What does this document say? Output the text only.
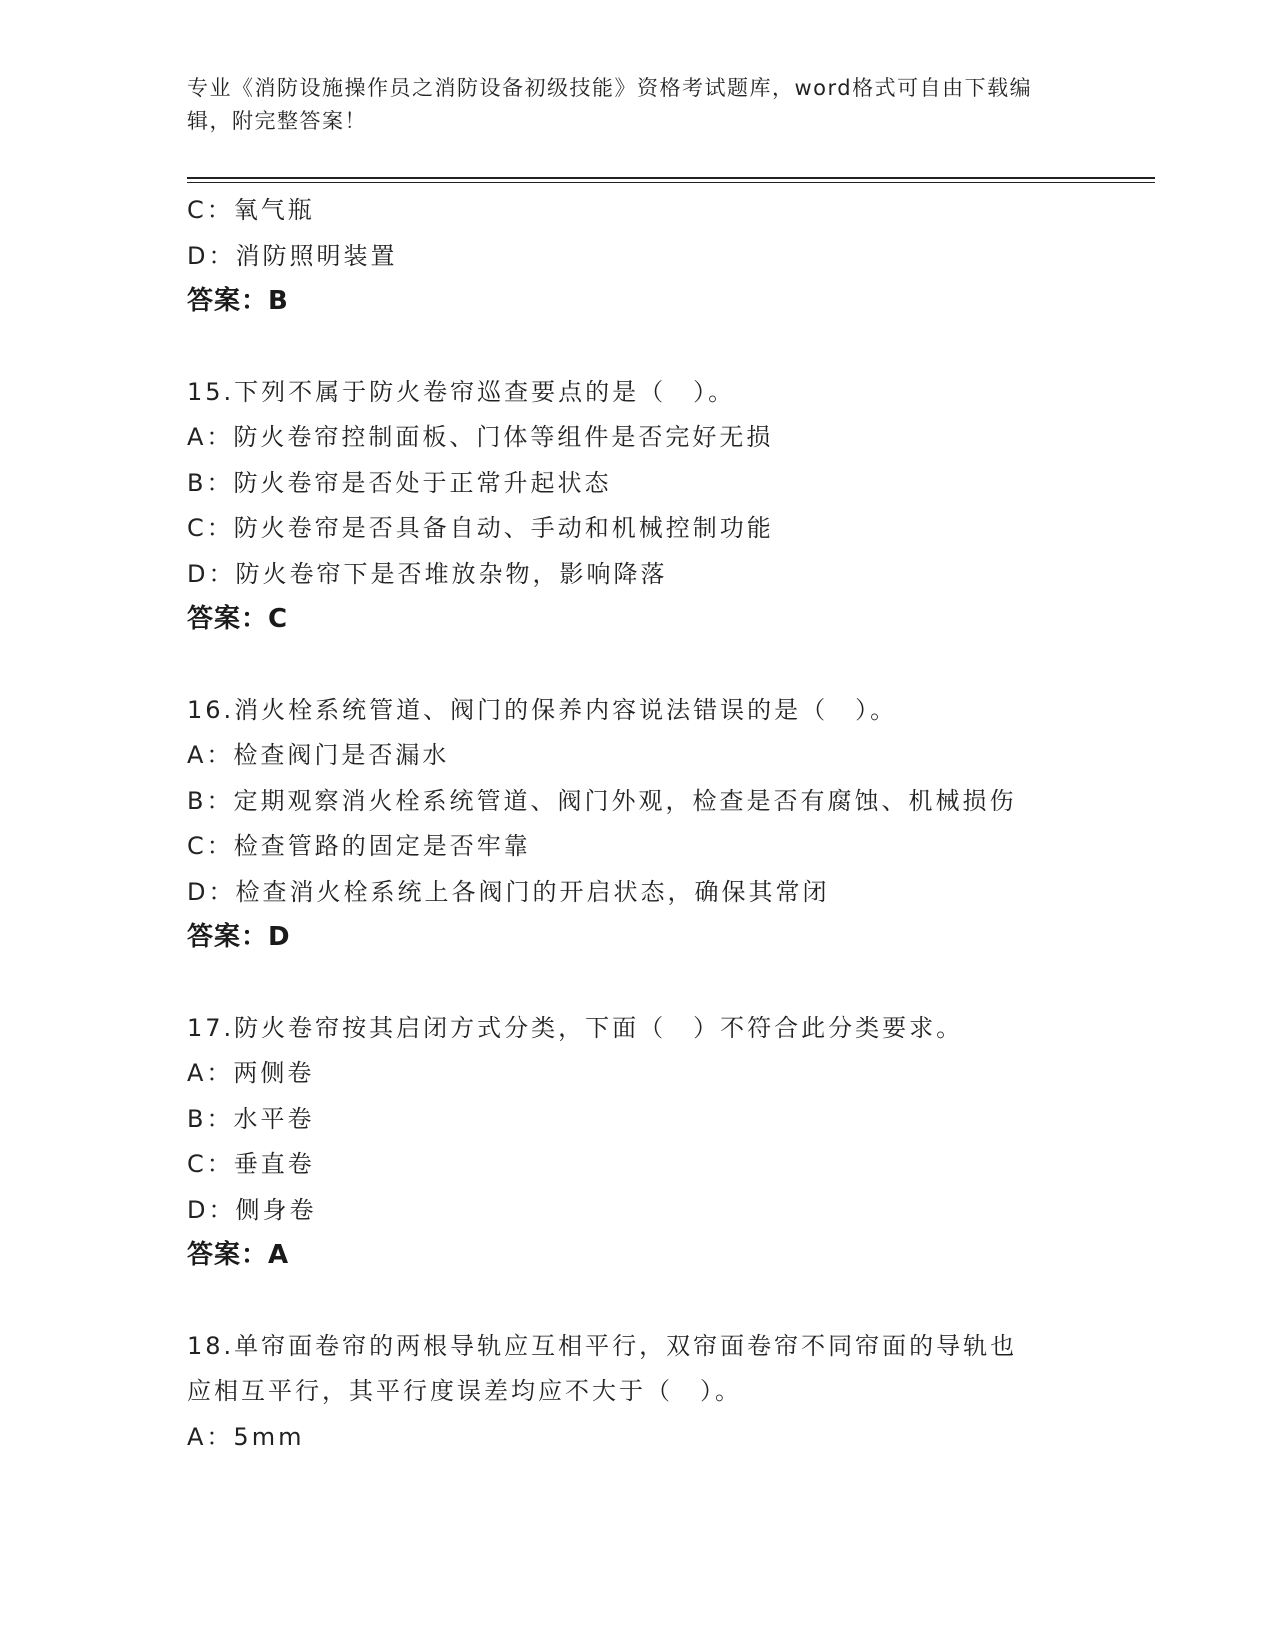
专业《消防设施操作员之消防设备初级技能》资格考试题库，word格式可自由下载编辑，附完整答案！
C：氧气瓶
D：消防照明装置
答案：B
15.下列不属于防火卷帘巡查要点的是（　）。
A：防火卷帘控制面板、门体等组件是否完好无损
B：防火卷帘是否处于正常升起状态
C：防火卷帘是否具备自动、手动和机械控制功能
D：防火卷帘下是否堆放杂物，影响降落
答案：C
16.消火栓系统管道、阀门的保养内容说法错误的是（　）。
A：检查阀门是否漏水
B：定期观察消火栓系统管道、阀门外观，检查是否有腐蚀、机械损伤
C：检查管路的固定是否牢靠
D：检查消火栓系统上各阀门的开启状态，确保其常闭
答案：D
17.防火卷帘按其启闭方式分类，下面（　）不符合此分类要求。
A：两侧卷
B：水平卷
C：垂直卷
D：侧身卷
答案：A
18.单帘面卷帘的两根导轨应互相平行，双帘面卷帘不同帘面的导轨也
应相互平行，其平行度误差均应不大于（　）。
A：5mm
